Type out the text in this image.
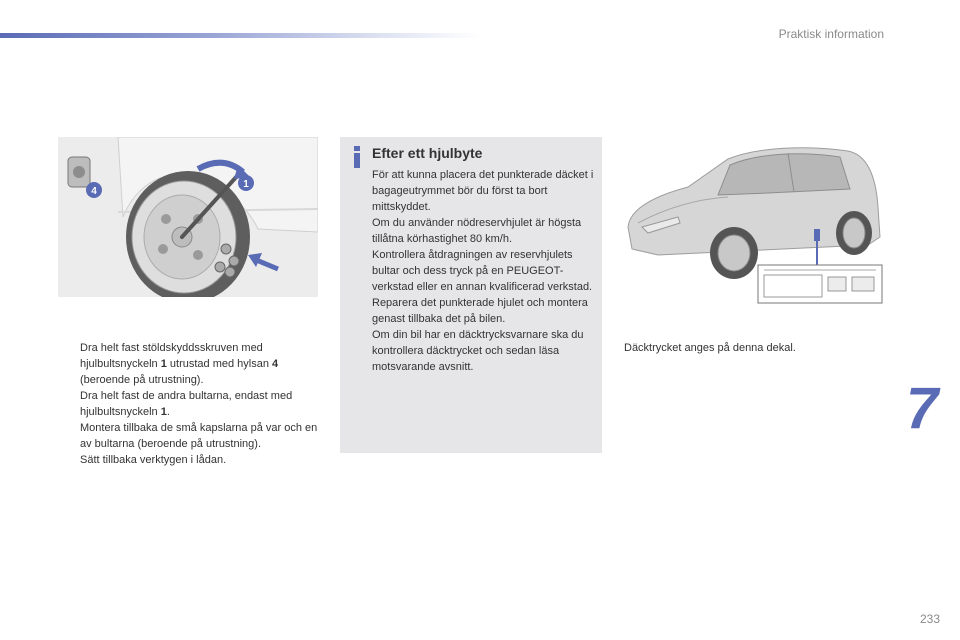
Praktisk information
4
1
Dra helt fast stöldskyddsskruven med hjulbultsnyckeln 1 utrustad med hylsan 4 (beroende på utrustning).
Dra helt fast de andra bultarna, endast med hjulbultsnyckeln 1.
Montera tillbaka de små kapslarna på var och en av bultarna (beroende på utrustning).
Sätt tillbaka verktygen i lådan.
Efter ett hjulbyte

För att kunna placera det punkterade däcket i bagageutrymmet bör du först ta bort mittskyddet.

Om du använder nödreservhjulet är högsta tillåtna körhastighet 80 km/h.

Kontrollera åtdragningen av reservhjulets bultar och dess tryck på en PEUGEOT-verkstad eller en annan kvalificerad verkstad.

Reparera det punkterade hjulet och montera genast tillbaka det på bilen.

Om din bil har en däcktrycksvarnare ska du kontrollera däcktrycket och sedan läsa motsvarande avsnitt.

Däcktrycket anges på denna dekal.
7
233
